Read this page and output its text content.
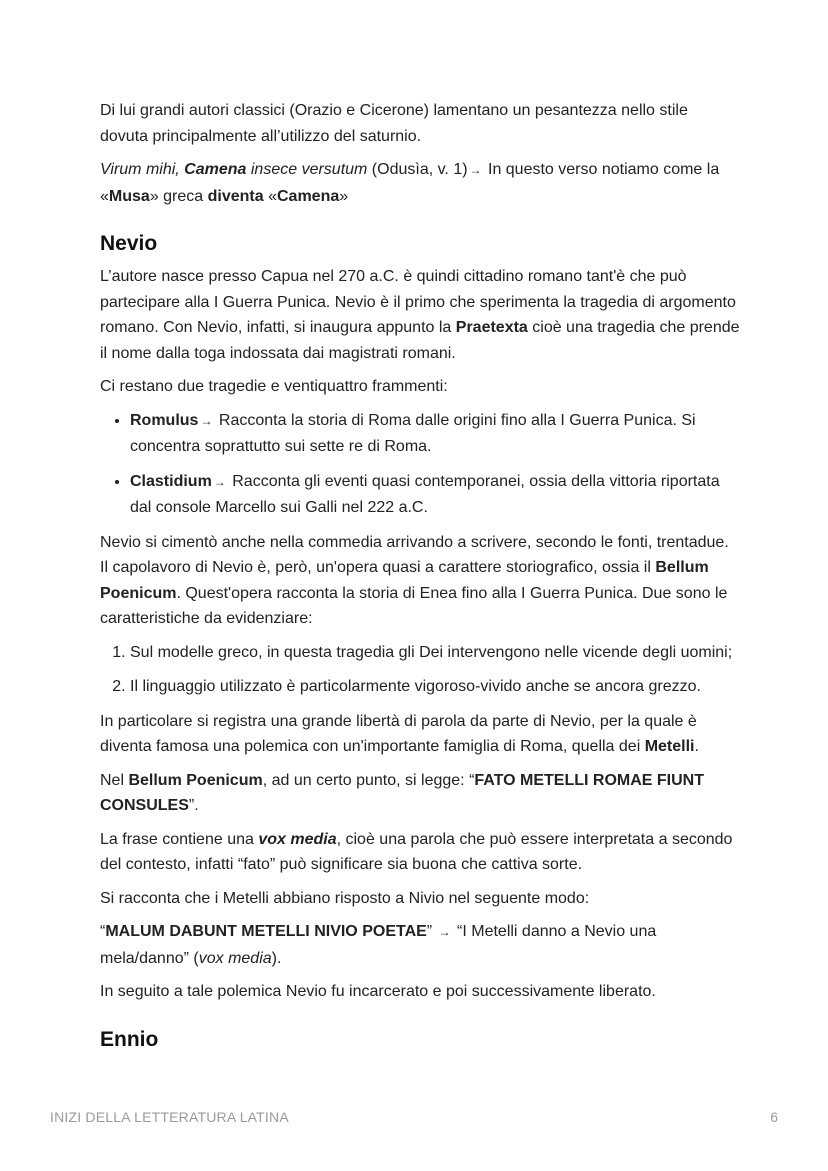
Di lui grandi autori classici (Orazio e Cicerone) lamentano un pesantezza nello stile dovuta principalmente all’utilizzo del saturnio.

Virum mihi, Camena insece versutum (Odusìa, v. 1) → In questo verso notiamo come la «Musa» greca diventa «Camena»

Nevio

L’autore nasce presso Capua nel 270 a.C. è quindi cittadino romano tant'è che può partecipare alla I Guerra Punica. Nevio è il primo che sperimenta la tragedia di argomento romano. Con Nevio, infatti, si inaugura appunto la Praetexta cioè una tragedia che prende il nome dalla toga indossata dai magistrati romani.

Ci restano due tragedie e ventiquattro frammenti:

• Romulus → Racconta la storia di Roma dalle origini fino alla I Guerra Punica. Si concentra soprattutto sui sette re di Roma.
• Clastidium → Racconta gli eventi quasi contemporanei, ossia della vittoria riportata dal console Marcello sui Galli nel 222 a.C.

Nevio si cimentò anche nella commedia arrivando a scrivere, secondo le fonti, trentadue. Il capolavoro di Nevio è, però, un'opera quasi a carattere storiografico, ossia il Bellum Poenicum. Quest'opera racconta la storia di Enea fino alla I Guerra Punica. Due sono le caratteristiche da evidenziare:

1. Sul modelle greco, in questa tragedia gli Dei intervengono nelle vicende degli uomini;
2. Il linguaggio utilizzato è particolarmente vigoroso-vivido anche se ancora grezzo.

In particolare si registra una grande libertà di parola da parte di Nevio, per la quale è diventa famosa una polemica con un'importante famiglia di Roma, quella dei Metelli.

Nel Bellum Poenicum, ad un certo punto, si legge: “FATO METELLI ROMAE FIUNT CONSULES”.

La frase contiene una vox media, cioè una parola che può essere interpretata a secondo del contesto, infatti “fato” può significare sia buona che cattiva sorte.

Si racconta che i Metelli abbiano risposto a Nivio nel seguente modo:

“MALUM DABUNT METELLI NIVIO POETAE” → “I Metelli danno a Nevio una mela/danno” (vox media).

In seguito a tale polemica Nevio fu incarcerato e poi successivamente liberato.

Ennio
INIZI DELLA LETTERATURA LATINA	6
